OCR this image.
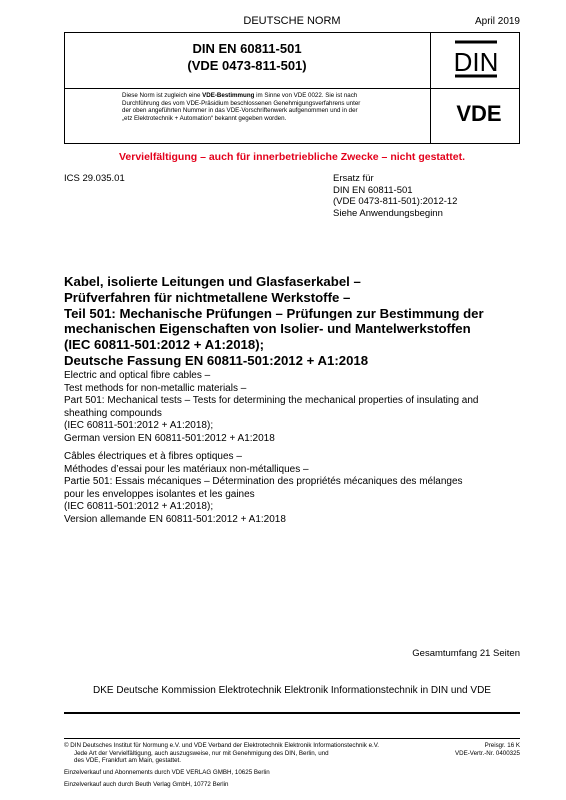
DEUTSCHE NORM	April 2019
DIN EN 60811-501
(VDE 0473-811-501)	DIN
Diese Norm ist zugleich eine VDE-Bestimmung im Sinne von VDE 0022. Sie ist nach
Durchführung des vom VDE-Präsidium beschlossenen Genehmigungsverfahrens unter
der oben angeführten Nummer in das VDE-Vorschriftenwerk aufgenommen und in der
„etz Elektrotechnik + Automation“ bekannt gegeben worden.	VDE
Vervielfältigung – auch für innerbetriebliche Zwecke – nicht gestattet.
ICS 29.035.01	Ersatz für
DIN EN 60811-501
(VDE 0473-811-501):2012-12
Siehe Anwendungsbeginn
Kabel, isolierte Leitungen und Glasfaserkabel –
Prüfverfahren für nichtmetallene Werkstoffe –
Teil 501: Mechanische Prüfungen – Prüfungen zur Bestimmung der
mechanischen Eigenschaften von Isolier- und Mantelwerkstoffen
(IEC 60811-501:2012 + A1:2018);
Deutsche Fassung EN 60811-501:2012 + A1:2018
Electric and optical fibre cables –
Test methods for non-metallic materials –
Part 501: Mechanical tests – Tests for determining the mechanical properties of insulating and
sheathing compounds
(IEC 60811-501:2012 + A1:2018);
German version EN 60811-501:2012 + A1:2018
Câbles électriques et à fibres optiques –
Méthodes d’essai pour les matériaux non-métalliques –
Partie 501: Essais mécaniques – Détermination des propriétés mécaniques des mélanges
pour les enveloppes isolantes et les gaines
(IEC 60811-501:2012 + A1:2018);
Version allemande EN 60811-501:2012 + A1:2018
Gesamtumfang 21 Seiten
DKE Deutsche Kommission Elektrotechnik Elektronik Informationstechnik in DIN und VDE
© DIN Deutsches Institut für Normung e.V. und VDE Verband der Elektrotechnik Elektronik Informationstechnik e.V.
Jede Art der Vervielfältigung, auch auszugsweise, nur mit Genehmigung des DIN, Berlin, und
des VDE, Frankfurt am Main, gestattet.
Preisgr. 16 K
VDE-Vertr.-Nr. 0400325
Einzelverkauf und Abonnements durch VDE VERLAG GMBH, 10625 Berlin
Einzelverkauf auch durch Beuth Verlag GmbH, 10772 Berlin
